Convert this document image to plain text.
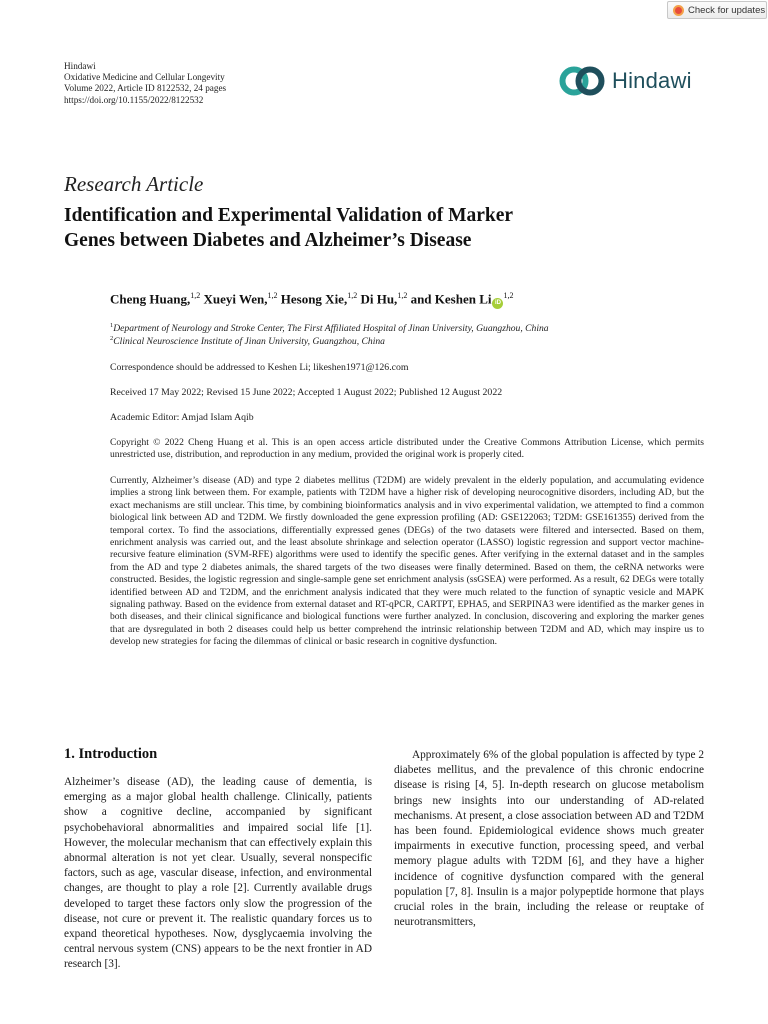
Check for updates
Hindawi
Oxidative Medicine and Cellular Longevity
Volume 2022, Article ID 8122532, 24 pages
https://doi.org/10.1155/2022/8122532
Hindawi
Research Article
Identification and Experimental Validation of Marker
Genes between Diabetes and Alzheimer’s Disease
Cheng Huang,$^{1,2}$ Xueyi Wen,$^{1,2}$ Hesong Xie,$^{1,2}$ Di Hu,$^{1,2}$ and Keshen Li iD$^{1,2}$
$^1$Department of Neurology and Stroke Center, The First Affiliated Hospital of Jinan University, Guangzhou, China
$^2$Clinical Neuroscience Institute of Jinan University, Guangzhou, China
Correspondence should be addressed to Keshen Li; likeshen1971@126.com
Received 17 May 2022; Revised 15 June 2022; Accepted 1 August 2022; Published 12 August 2022
Academic Editor: Amjad Islam Aqib
Copyright © 2022 Cheng Huang et al. This is an open access article distributed under the Creative Commons Attribution License, which permits unrestricted use, distribution, and reproduction in any medium, provided the original work is properly cited.
Currently, Alzheimer’s disease (AD) and type 2 diabetes mellitus (T2DM) are widely prevalent in the elderly population, and accumulating evidence implies a strong link between them. For example, patients with T2DM have a higher risk of developing neurocognitive disorders, including AD, but the exact mechanisms are still unclear. This time, by combining bioinformatics analysis and in vivo experimental validation, we attempted to find a common biological link between AD and T2DM. We firstly downloaded the gene expression profiling (AD: GSE122063; T2DM: GSE161355) derived from the temporal cortex. To find the associations, differentially expressed genes (DEGs) of the two datasets were filtered and intersected. Based on them, enrichment analysis was carried out, and the least absolute shrinkage and selection operator (LASSO) logistic regression and support vector machine-recursive feature elimination (SVM-RFE) algorithms were used to identify the specific genes. After verifying in the external dataset and in the samples from the AD and type 2 diabetes animals, the shared targets of the two diseases were finally determined. Based on them, the ceRNA networks were constructed. Besides, the logistic regression and single-sample gene set enrichment analysis (ssGSEA) were performed. As a result, 62 DEGs were totally identified between AD and T2DM, and the enrichment analysis indicated that they were much related to the function of synaptic vesicle and MAPK signaling pathway. Based on the evidence from external dataset and RT-qPCR, CARTPT, EPHA5, and SERPINA3 were identified as the marker genes in both diseases, and their clinical significance and biological functions were further analyzed. In conclusion, discovering and exploring the marker genes that are dysregulated in both 2 diseases could help us better comprehend the intrinsic relationship between T2DM and AD, which may inspire us to develop new strategies for facing the dilemmas of clinical or basic research in cognitive dysfunction.
1. Introduction

Alzheimer’s disease (AD), the leading cause of dementia, is emerging as a major global health challenge. Clinically, patients show a cognitive decline, accompanied by significant psychobehavioral abnormalities and impaired social life [1]. However, the molecular mechanism that can effectively explain this abnormal alteration is not yet clear. Usually, several nonspecific factors, such as age, vascular disease, infection, and environmental changes, are thought to play a role [2]. Currently available drugs developed to target these factors only slow the progression of the disease, not cure or prevent it. The realistic quandary forces us to expand theoretical hypotheses. Now, dysglycaemia involving the central nervous system (CNS) appears to be the next frontier in AD research [3].

Approximately 6% of the global population is affected by type 2 diabetes mellitus, and the prevalence of this chronic endocrine disease is rising [4, 5]. In-depth research on glucose metabolism brings new insights into our understanding of AD-related mechanisms. At present, a close association between AD and T2DM has been found. Epidemiological evidence shows much greater impairments in executive function, processing speed, and verbal memory plague adults with T2DM [6], and they have a higher incidence of cognitive dysfunction compared with the general population [7, 8]. Insulin is a major polypeptide hormone that plays crucial roles in the brain, including the release or reuptake of neurotransmitters,
